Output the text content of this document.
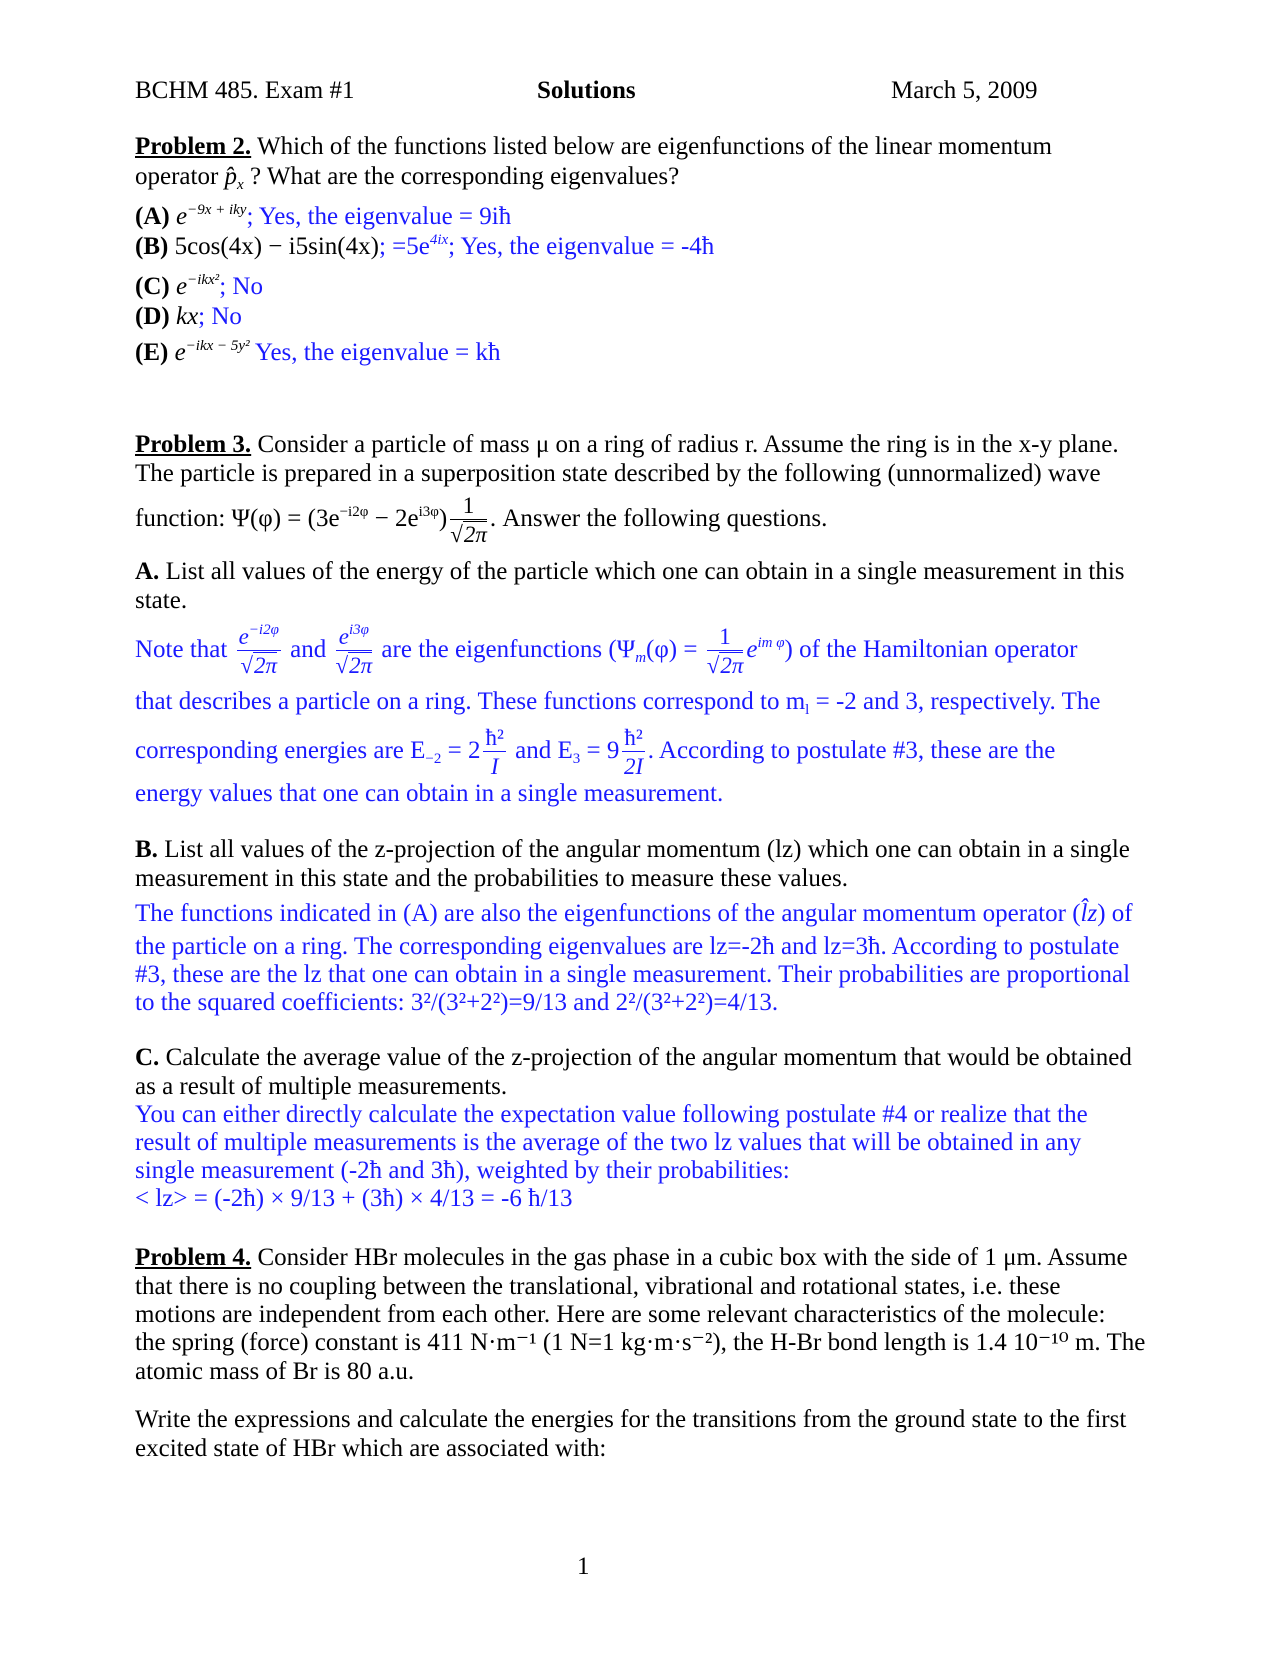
BCHM 485. Exam #1	Solutions	March 5, 2009
Problem 2. Which of the functions listed below are eigenfunctions of the linear momentum
operator $p̂_x$ ? What are the corresponding eigenvalues?
(A) $e^{-9x + iky}$; Yes, the eigenvalue = 9iħ
(B) 5cos(4x) − i5sin(4x); $=5e^{4ix}$; Yes, the eigenvalue = -4ħ
(C) $e^{-ikx^2}$; No
(D) kx; No
(E) $e^{-ikx - 5y^2}$ Yes, the eigenvalue = kħ
Problem 3. Consider a particle of mass μ on a ring of radius r. Assume the ring is in the x-y plane.
The particle is prepared in a superposition state described by the following (unnormalized) wave
function: $\Psi(\varphi) = (3e^{-i2\varphi} - 2e^{i3\varphi}) \frac{1}{√2\pi}$ . Answer the following questions.
A. List all values of the energy of the particle which one can obtain in a single measurement in this
state.
Note that $\frac{e^{-i2\varphi}}{√2\pi}$ and $\frac{e^{i3\varphi}}{√2\pi}$ are the eigenfunctions $(\Psi_m(\varphi) = \frac{1}{√2\pi} e^{im \varphi})$ of the Hamiltonian operator
that describes a particle on a ring. These functions correspond to $m_l = -2$ and 3, respectively. The
corresponding energies are $E_{-2} = 2 \frac{\text{ħ²}}{I}$ and $E_3 = 9 \frac{\text{ħ²}}{2I}$ . According to postulate #3, these are the
energy values that one can obtain in a single measurement.
B. List all values of the z-projection of the angular momentum (lz) which one can obtain in a single
measurement in this state and the probabilities to measure these values.
The functions indicated in (A) are also the eigenfunctions of the angular momentum operator (l̂z) of
the particle on a ring. The corresponding eigenvalues are lz=-2ħ and lz=3ħ. According to postulate
#3, these are the lz that one can obtain in a single measurement. Their probabilities are proportional
to the squared coefficients: 3²/(3²+2²)=9/13 and 2²/(3²+2²)=4/13.
C. Calculate the average value of the z-projection of the angular momentum that would be obtained
as a result of multiple measurements.
You can either directly calculate the expectation value following postulate #4 or realize that the
result of multiple measurements is the average of the two lz values that will be obtained in any
single measurement (-2ħ and 3ħ), weighted by their probabilities:
< lz> = (-2ħ) × 9/13 + (3ħ) × 4/13 = -6 ħ/13
Problem 4. Consider HBr molecules in the gas phase in a cubic box with the side of 1 μm. Assume
that there is no coupling between the translational, vibrational and rotational states, i.e. these
motions are independent from each other. Here are some relevant characteristics of the molecule:
the spring (force) constant is 411 N·m⁻¹ (1 N=1 kg·m·s⁻²), the H-Br bond length is 1.4 10⁻¹⁰ m. The
atomic mass of Br is 80 a.u.
Write the expressions and calculate the energies for the transitions from the ground state to the first
excited state of HBr which are associated with:
1
